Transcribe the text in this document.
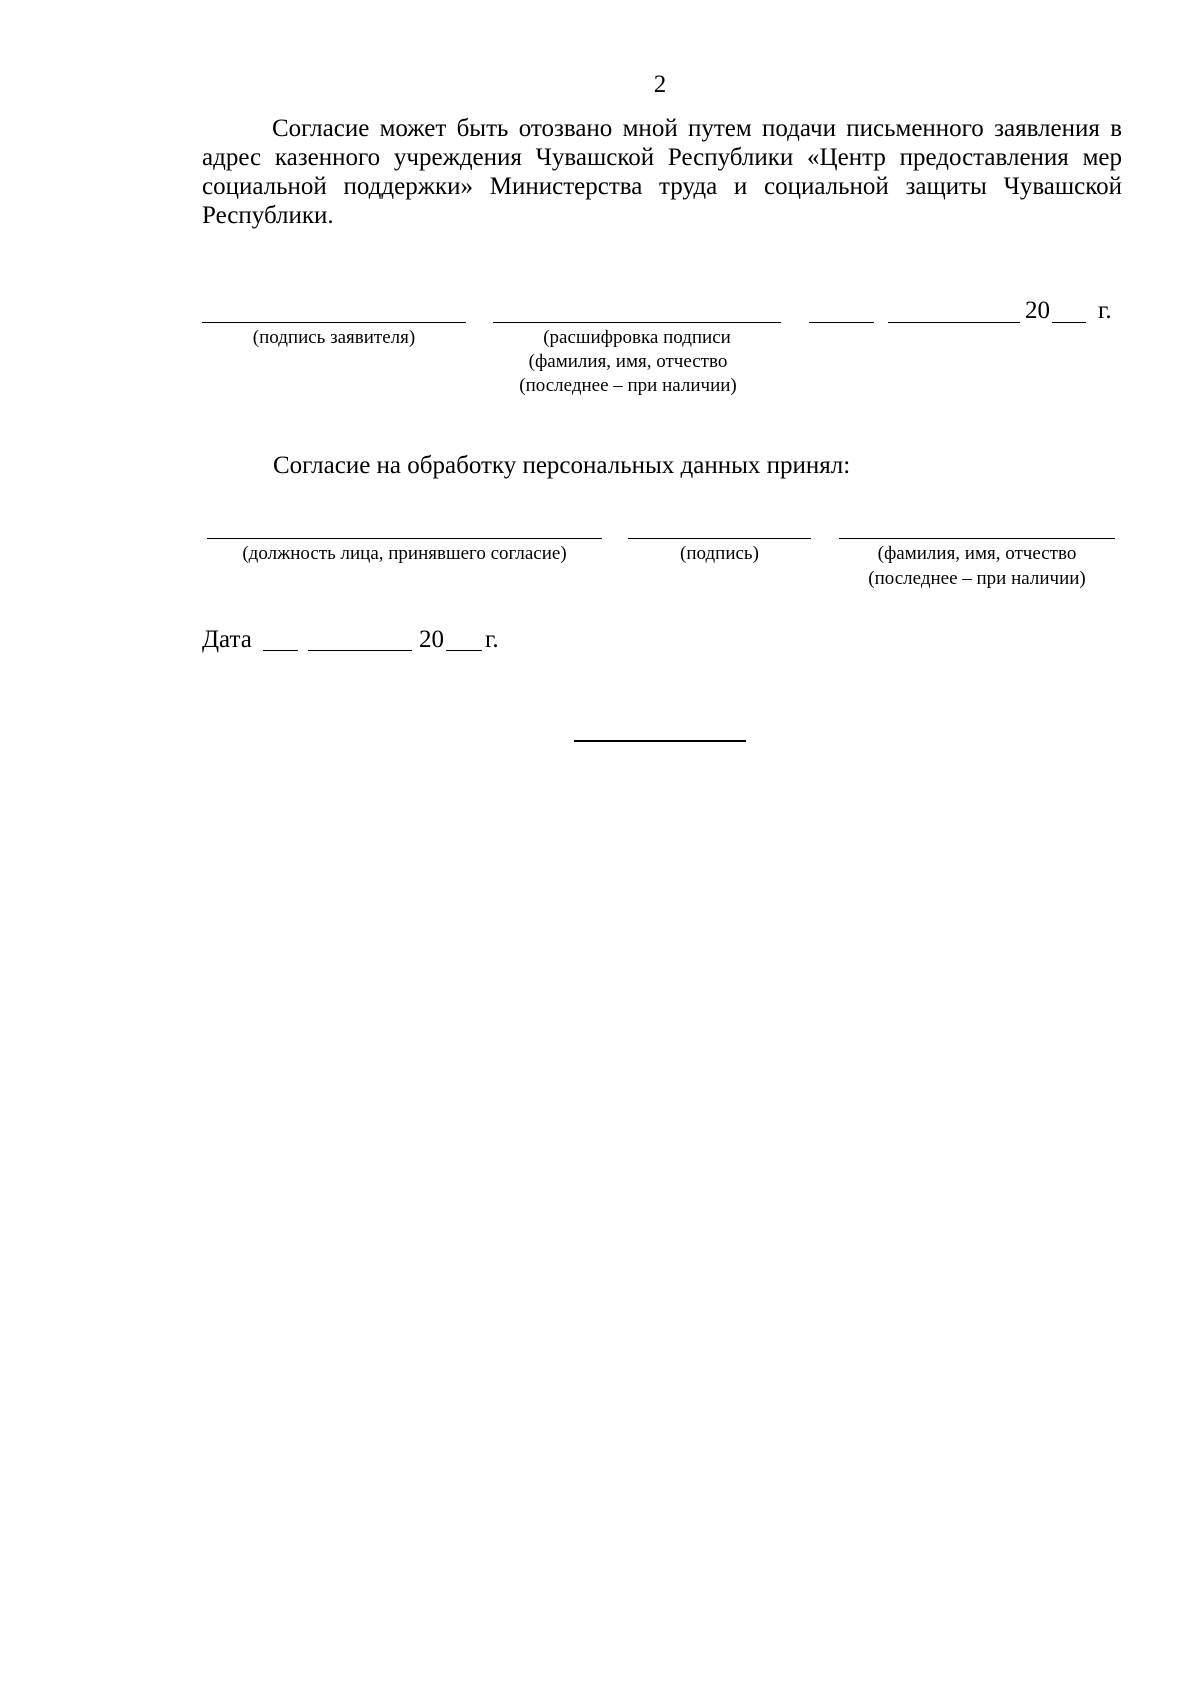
2

Согласие может быть отозвано мной путем подачи письменного заявления в адрес казенного учреждения Чувашской Республики «Центр предоставления мер социальной поддержки» Министерства труда и социальной защиты Чувашской Республики.

(подпись заявителя)	(расшифровка подписи
(фамилия, имя, отчество
(последнее – при наличии)
20 г.
Согласие на обработку персональных данных принял:
(должность лица, принявшего согласие)	(подпись)	(фамилия, имя, отчество
(последнее – при наличии)
Дата	20 г.
